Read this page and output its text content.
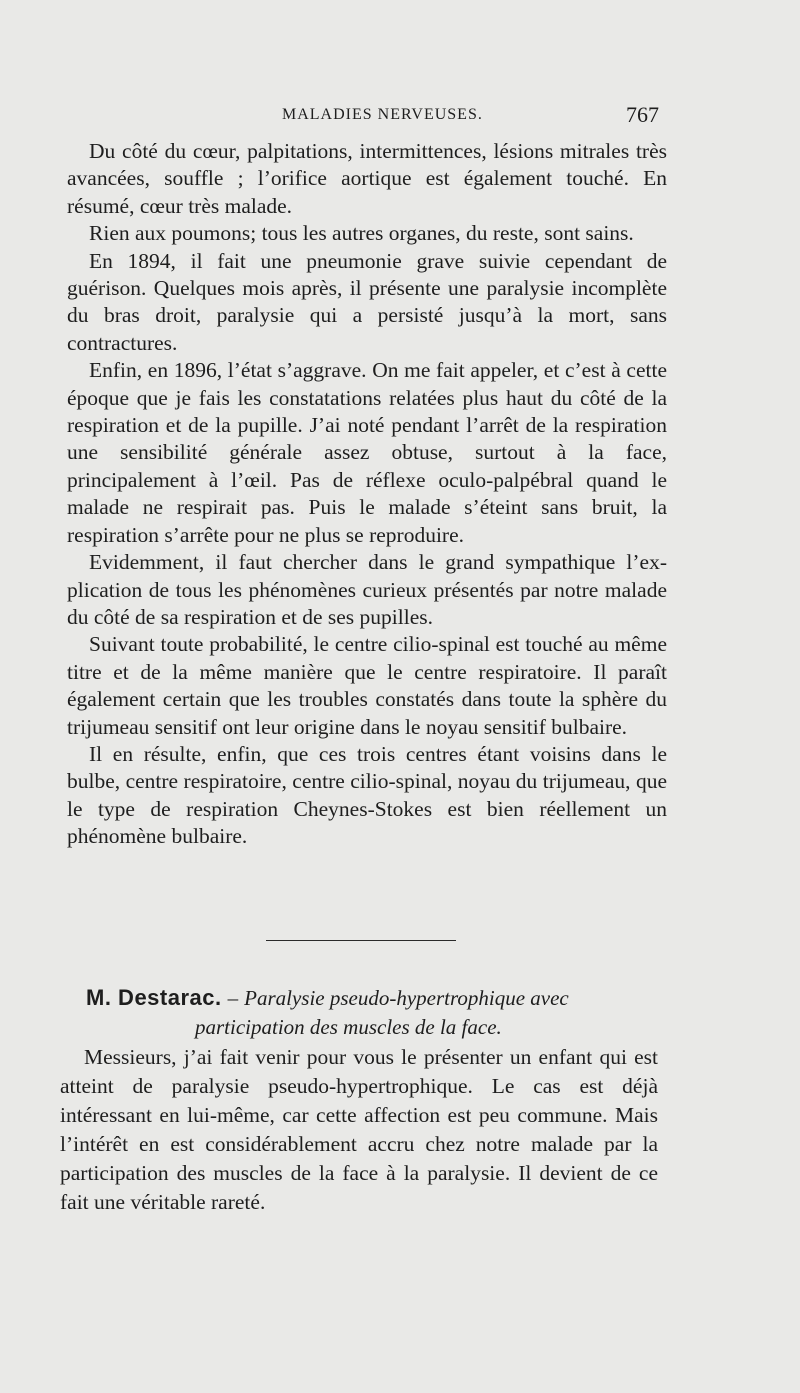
MALADIES NERVEUSES.	767

Du côté du cœur, palpitations, intermittences, lésions mitrales très avancées, souffle ; l’orifice aortique est également touché. En résumé, cœur très malade.

Rien aux poumons; tous les autres organes, du reste, sont sains.

En 1894, il fait une pneumonie grave suivie cependant de guérison. Quelques mois après, il présente une paralysie incomplète du bras droit, paralysie qui a persisté jusqu’à la mort, sans contractures.

Enfin, en 1896, l’état s’aggrave. On me fait appeler, et c’est à cette époque que je fais les constatations relatées plus haut du côté de la respiration et de la pupille. J’ai noté pendant l’arrêt de la respiration une sensibilité générale assez obtuse, surtout à la face, principalement à l’œil. Pas de réflexe oculo-palpébral quand le malade ne respirait pas. Puis le malade s’éteint sans bruit, la respiration s’arrête pour ne plus se reproduire.

Evidemment, il faut chercher dans le grand sympathique l’explication de tous les phénomènes curieux présentés par notre malade du côté de sa respiration et de ses pupilles.

Suivant toute probabilité, le centre cilio-spinal est touché au même titre et de la même manière que le centre respiratoire. Il paraît également certain que les troubles constatés dans toute la sphère du trijumeau sensitif ont leur origine dans le noyau sensitif bulbaire.

Il en résulte, enfin, que ces trois centres étant voisins dans le bulbe, centre respiratoire, centre cilio-spinal, noyau du trijumeau, que le type de respiration Cheynes-Stokes est bien réellement un phénomène bulbaire.

M. Destarac. – Paralysie pseudo-hypertrophique avec
participation des muscles de la face.

Messieurs, j’ai fait venir pour vous le présenter un enfant qui est atteint de paralysie pseudo-hypertrophique. Le cas est déjà intéressant en lui-même, car cette affection est peu commune. Mais l’intérêt en est considérablement accru chez notre malade par la participation des muscles de la face à la paralysie. Il devient de ce fait une véritable rareté.
